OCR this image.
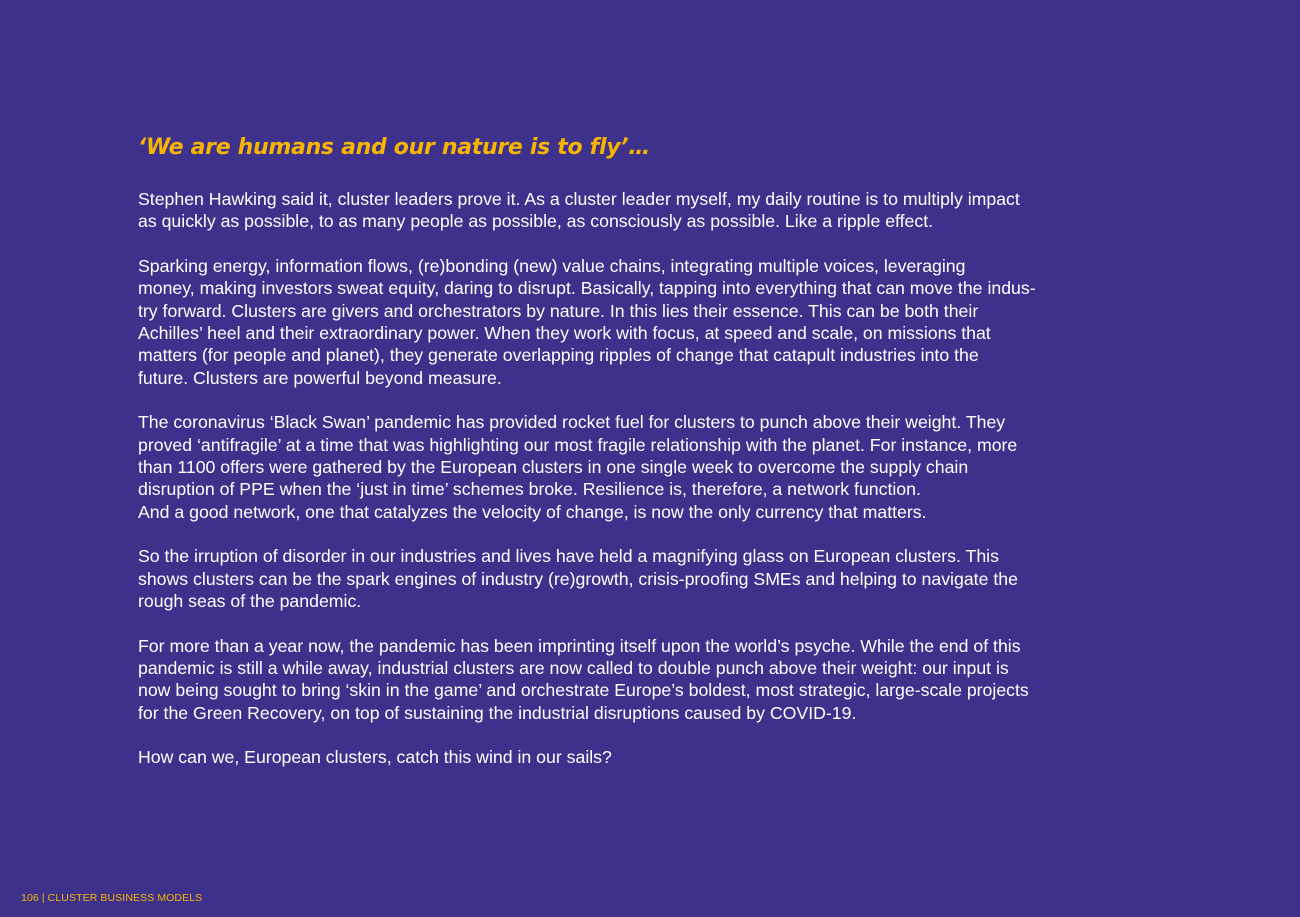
‘We are humans and our nature is to fly’…

Stephen Hawking said it, cluster leaders prove it. As a cluster leader myself, my daily routine is to multiply impact
as quickly as possible, to as many people as possible, as consciously as possible. Like a ripple effect.

Sparking energy, information flows, (re)bonding (new) value chains, integrating multiple voices, leveraging
money, making investors sweat equity, daring to disrupt. Basically, tapping into everything that can move the indus-
try forward. Clusters are givers and orchestrators by nature. In this lies their essence. This can be both their
Achilles’ heel and their extraordinary power. When they work with focus, at speed and scale, on missions that
matters (for people and planet), they generate overlapping ripples of change that catapult industries into the
future. Clusters are powerful beyond measure.

The coronavirus ‘Black Swan’ pandemic has provided rocket fuel for clusters to punch above their weight. They
proved ‘antifragile’ at a time that was highlighting our most fragile relationship with the planet. For instance, more
than 1100 offers were gathered by the European clusters in one single week to overcome the supply chain
disruption of PPE when the ‘just in time’ schemes broke. Resilience is, therefore, a network function.
And a good network, one that catalyzes the velocity of change, is now the only currency that matters.

So the irruption of disorder in our industries and lives have held a magnifying glass on European clusters. This
shows clusters can be the spark engines of industry (re)growth, crisis-proofing SMEs and helping to navigate the
rough seas of the pandemic.

For more than a year now, the pandemic has been imprinting itself upon the world’s psyche. While the end of this
pandemic is still a while away, industrial clusters are now called to double punch above their weight: our input is
now being sought to bring ‘skin in the game’ and orchestrate Europe’s boldest, most strategic, large-scale projects
for the Green Recovery, on top of sustaining the industrial disruptions caused by COVID-19.

How can we, European clusters, catch this wind in our sails?

106 | CLUSTER BUSINESS MODELS
